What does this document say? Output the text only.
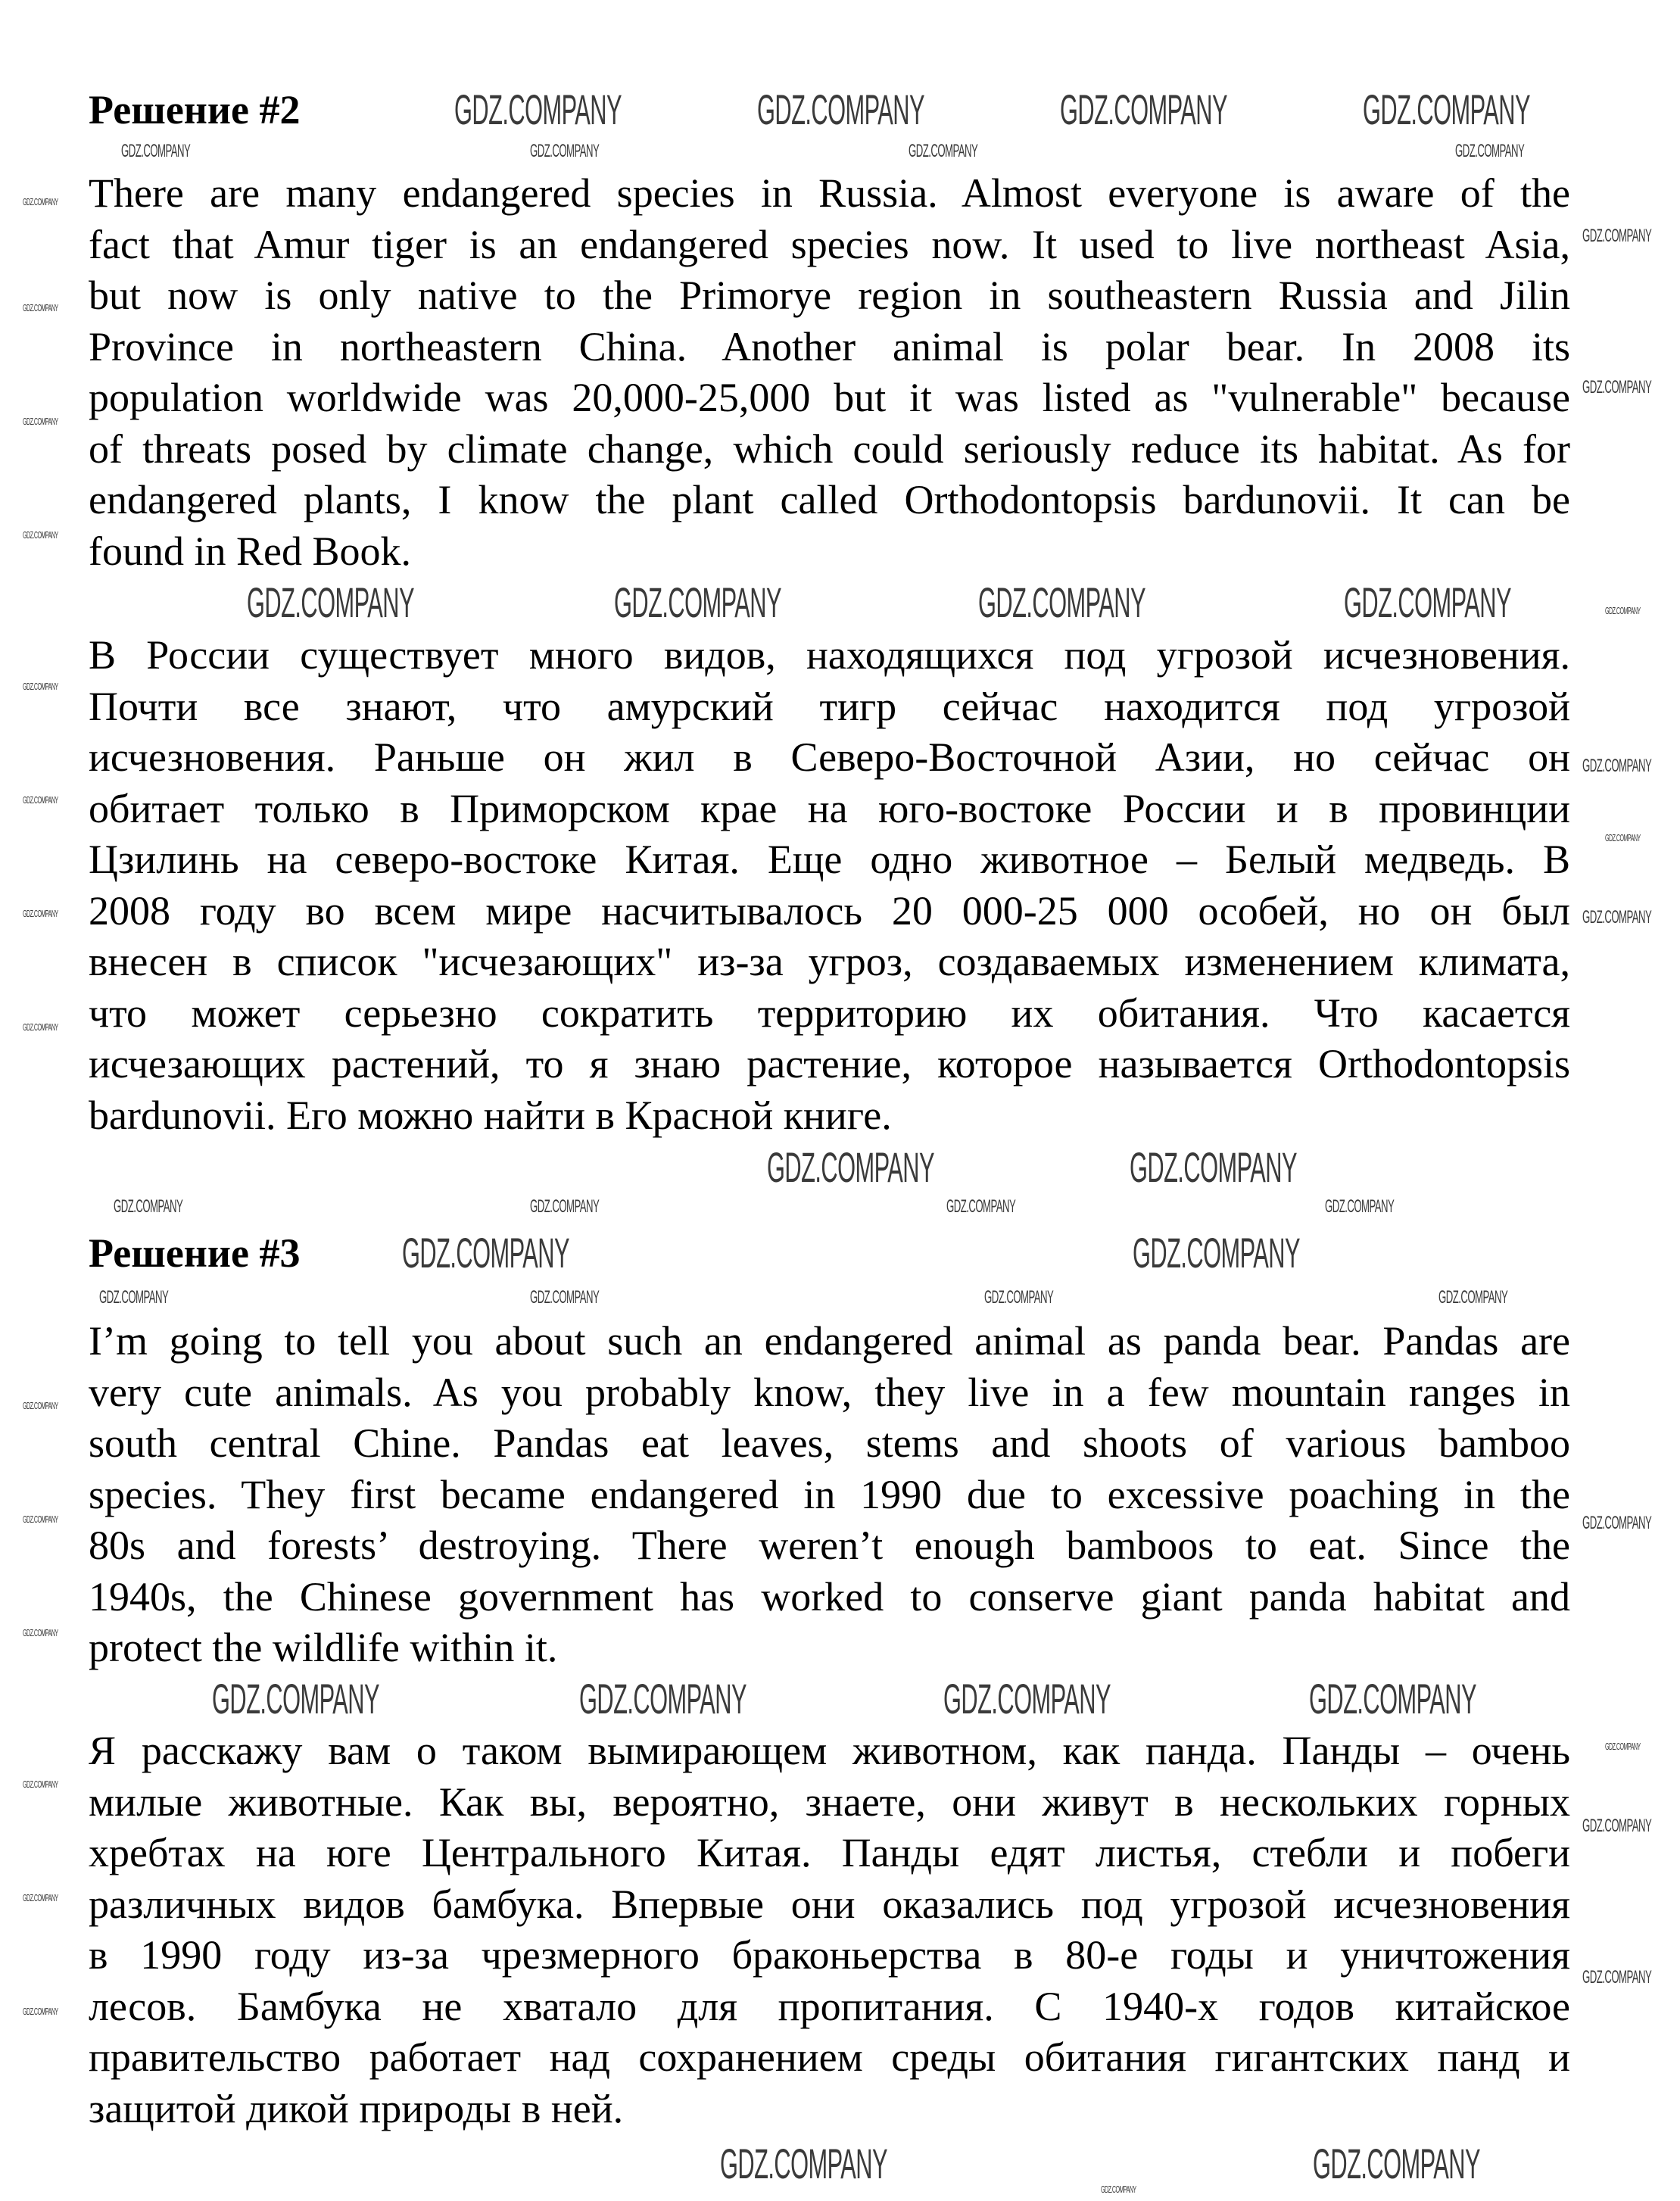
Решение #2
There are many endangered species in Russia. Almost everyone is aware of the
fact that Amur tiger is an endangered species now. It used to live northeast Asia,
but now is only native to the Primorye region in southeastern Russia and Jilin
Province in northeastern China. Another animal is polar bear. In 2008 its
population worldwide was 20,000-25,000 but it was listed as "vulnerable" because
of threats posed by climate change, which could seriously reduce its habitat. As for
endangered plants, I know the plant called Orthodontopsis bardunovii. It can be
found in Red Book.
В России существует много видов, находящихся под угрозой исчезновения.
Почти все знают, что амурский тигр сейчас находится под угрозой
исчезновения. Раньше он жил в Северо-Восточной Азии, но сейчас он
обитает только в Приморском крае на юго-востоке России и в провинции
Цзилинь на северо-востоке Китая. Еще одно животное – Белый медведь. В
2008 году во всем мире насчитывалось 20 000-25 000 особей, но он был
внесен в список "исчезающих" из-за угроз, создаваемых изменением климата,
что может серьезно сократить территорию их обитания. Что касается
исчезающих растений, то я знаю растение, которое называется Orthodontopsis
bardunovii. Его можно найти в Красной книге.
Решение #3
I’m going to tell you about such an endangered animal as panda bear. Pandas are
very cute animals. As you probably know, they live in a few mountain ranges in
south central Chine. Pandas eat leaves, stems and shoots of various bamboo
species. They first became endangered in 1990 due to excessive poaching in the
80s and forests’ destroying. There weren’t enough bamboos to eat. Since the
1940s, the Chinese government has worked to conserve giant panda habitat and
protect the wildlife within it.
Я расскажу вам о таком вымирающем животном, как панда. Панды – очень
милые животные. Как вы, вероятно, знаете, они живут в нескольких горных
хребтах на юге Центрального Китая. Панды едят листья, стебли и побеги
различных видов бамбука. Впервые они оказались под угрозой исчезновения
в 1990 году из-за чрезмерного браконьерства в 80-е годы и уничтожения
лесов. Бамбука не хватало для пропитания. С 1940-х годов китайское
правительство работает над сохранением среды обитания гигантских панд и
защитой дикой природы в ней.
GDZ.COMPANY	GDZ.COMPANY	GDZ.COMPANY	GDZ.COMPANY
GDZ.COMPANY	GDZ.COMPANY	GDZ.COMPANY	GDZ.COMPANY
GDZ.COMPANY	GDZ.COMPANY
GDZ.COMPANY	GDZ.COMPANY
GDZ.COMPANY	GDZ.COMPANY	GDZ.COMPANY	GDZ.COMPANY
GDZ.COMPANY	GDZ.COMPANY
GDZ.COMPANY	GDZ.COMPANY	GDZ.COMPANY	GDZ.COMPANY
GDZ.COMPANY	GDZ.COMPANY	GDZ.COMPANY	GDZ.COMPANY
GDZ.COMPANY	GDZ.COMPANY	GDZ.COMPANY	GDZ.COMPANY
GDZ.COMPANY
GDZ.COMPANY
GDZ.COMPANY
GDZ.COMPANY
GDZ.COMPANY
GDZ.COMPANY
GDZ.COMPANY
GDZ.COMPANY
GDZ.COMPANY
GDZ.COMPANY
GDZ.COMPANY
GDZ.COMPANY
GDZ.COMPANY
GDZ.COMPANY
GDZ.COMPANY
GDZ.COMPANY
GDZ.COMPANY
GDZ.COMPANY
GDZ.COMPANY
GDZ.COMPANY
GDZ.COMPANY
GDZ.COMPANY
GDZ.COMPANY
GDZ.COMPANY
GDZ.COMPANY
